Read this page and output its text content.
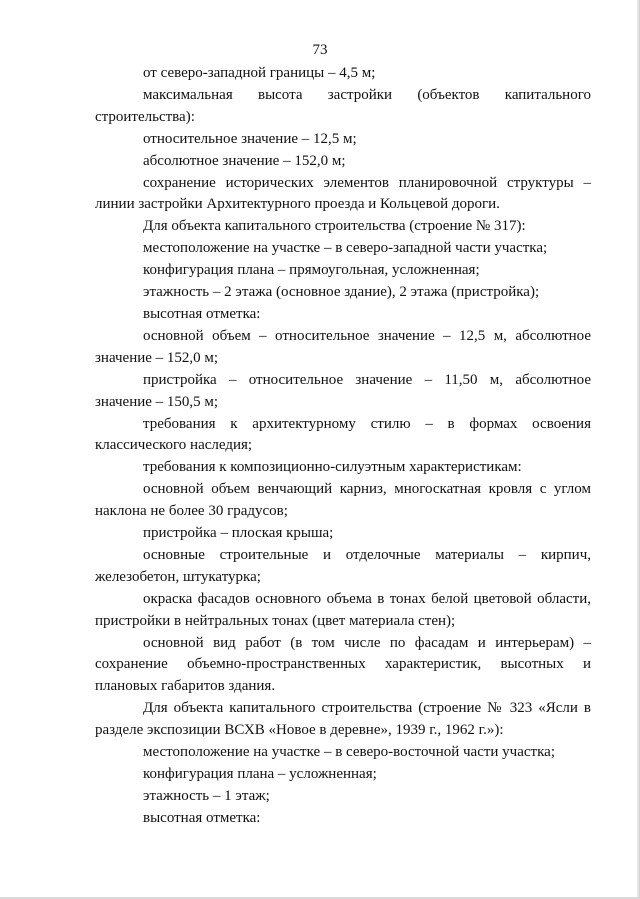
73

от северо-западной границы – 4,5 м;

максимальная высота застройки (объектов капитального строительства):

относительное значение – 12,5 м;

абсолютное значение – 152,0 м;

сохранение исторических элементов планировочной структуры – линии застройки Архитектурного проезда и Кольцевой дороги.

Для объекта капитального строительства (строение № 317):

местоположение на участке – в северо-западной части участка;

конфигурация плана – прямоугольная, усложненная;

этажность – 2 этажа (основное здание), 2 этажа (пристройка);

высотная отметка:

основной объем – относительное значение – 12,5 м, абсолютное значение – 152,0 м;

пристройка – относительное значение – 11,50 м, абсолютное значение – 150,5 м;

требования к архитектурному стилю – в формах освоения классического наследия;

требования к композиционно-силуэтным характеристикам:

основной объем венчающий карниз, многоскатная кровля с углом наклона не более 30 градусов;

пристройка – плоская крыша;

основные строительные и отделочные материалы – кирпич, железобетон, штукатурка;

окраска фасадов основного объема в тонах белой цветовой области, пристройки в нейтральных тонах (цвет материала стен);

основной вид работ (в том числе по фасадам и интерьерам) – сохранение объемно-пространственных характеристик, высотных и плановых габаритов здания.

Для объекта капитального строительства (строение № 323 «Ясли в разделе экспозиции ВСХВ «Новое в деревне», 1939 г., 1962 г.»):

местоположение на участке – в северо-восточной части участка;

конфигурация плана – усложненная;

этажность – 1 этаж;

высотная отметка:
